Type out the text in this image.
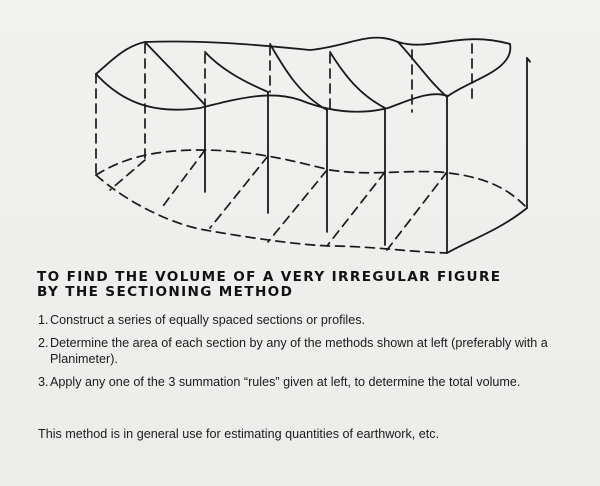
TO FIND THE VOLUME OF A VERY IRREGULAR FIGURE
BY THE SECTIONING METHOD
1. Construct a series of equally spaced sections or profiles.
2. Determine the area of each section by any of the methods shown at left (preferably with a Planimeter).
3. Apply any one of the 3 summation “rules” given at left, to determine the total volume.
This method is in general use for estimating quantities of earthwork, etc.
